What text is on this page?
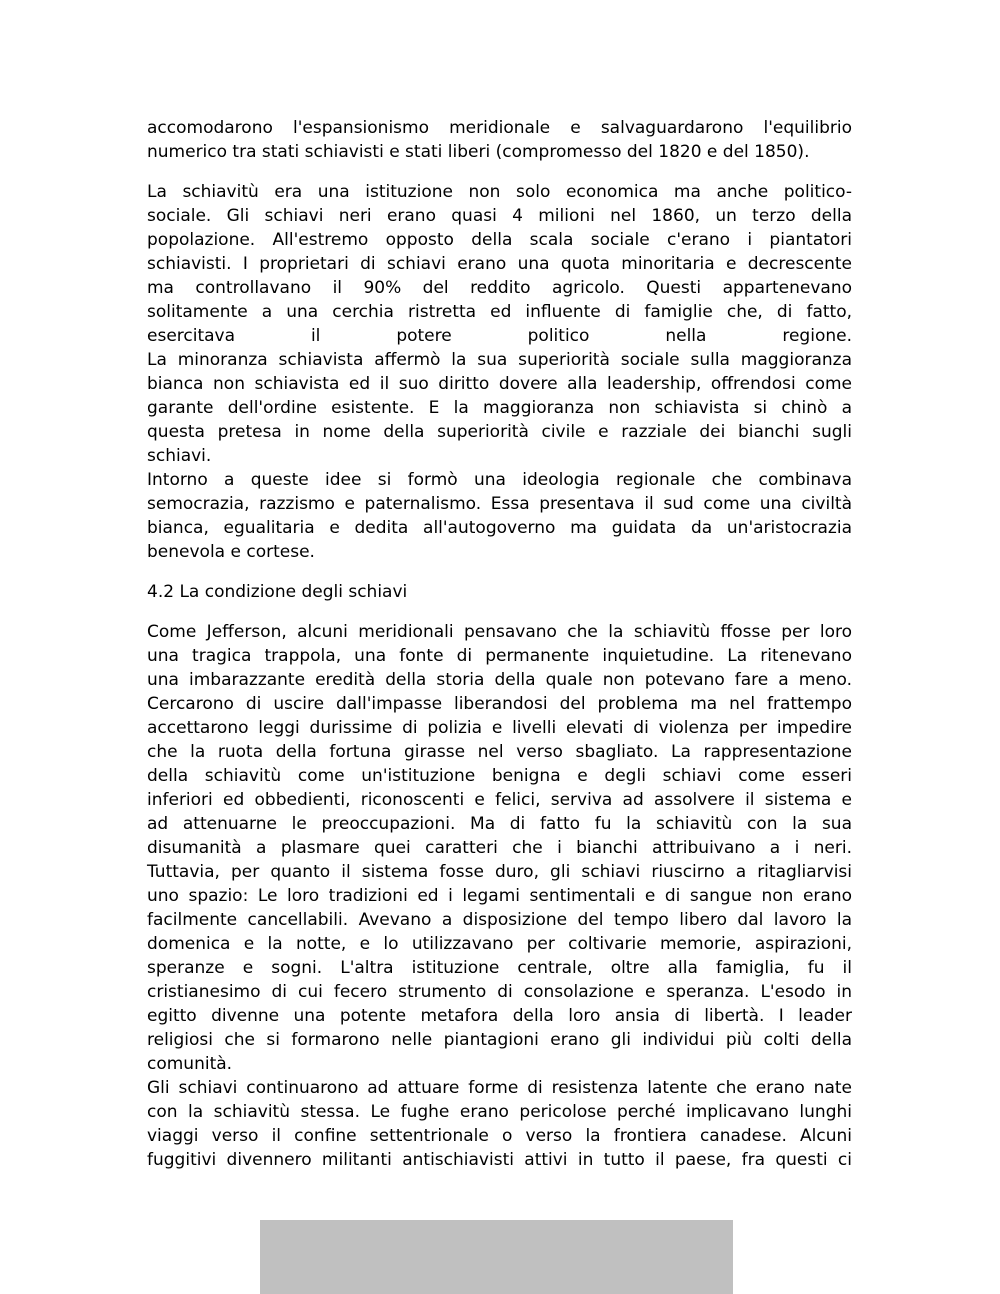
accomodarono l'espansionismo meridionale e salvaguardarono l'equilibrio
numerico tra stati schiavisti e stati liberi (compromesso del 1820 e del 1850).
La schiavitù era una istituzione non solo economica ma anche politico-
sociale. Gli schiavi neri erano quasi 4 milioni nel 1860, un terzo della
popolazione. All'estremo opposto della scala sociale c'erano i piantatori
schiavisti. I proprietari di schiavi erano una quota minoritaria e decrescente
ma controllavano il 90% del reddito agricolo. Questi appartenevano
solitamente a una cerchia ristretta ed influente di famiglie che, di fatto,
esercitava il potere politico nella regione.
La minoranza schiavista affermò la sua superiorità sociale sulla maggioranza
bianca non schiavista ed il suo diritto dovere alla leadership, offrendosi come
garante dell'ordine esistente. E la maggioranza non schiavista si chinò a
questa pretesa in nome della superiorità civile e razziale dei bianchi sugli
schiavi.
Intorno a queste idee si formò una ideologia regionale che combinava
semocrazia, razzismo e paternalismo. Essa presentava il sud come una civiltà
bianca, egualitaria e dedita all'autogoverno ma guidata da un'aristocrazia
benevola e cortese.
4.2 La condizione degli schiavi
Come Jefferson, alcuni meridionali pensavano che la schiavitù ffosse per loro
una tragica trappola, una fonte di permanente inquietudine. La ritenevano
una imbarazzante eredità della storia della quale non potevano fare a meno.
Cercarono di uscire dall'impasse liberandosi del problema ma nel frattempo
accettarono leggi durissime di polizia e livelli elevati di violenza per impedire
che la ruota della fortuna girasse nel verso sbagliato. La rappresentazione
della schiavitù come un'istituzione benigna e degli schiavi come esseri
inferiori ed obbedienti, riconoscenti e felici, serviva ad assolvere il sistema e
ad attenuarne le preoccupazioni. Ma di fatto fu la schiavitù con la sua
disumanità a plasmare quei caratteri che i bianchi attribuivano a i neri.
Tuttavia, per quanto il sistema fosse duro, gli schiavi riuscirno a ritagliarvisi
uno spazio: Le loro tradizioni ed i legami sentimentali e di sangue non erano
facilmente cancellabili. Avevano a disposizione del tempo libero dal lavoro la
domenica e la notte, e lo utilizzavano per coltivarie memorie, aspirazioni,
speranze e sogni. L'altra istituzione centrale, oltre alla famiglia, fu il
cristianesimo di cui fecero strumento di consolazione e speranza. L'esodo in
egitto divenne una potente metafora della loro ansia di libertà. I leader
religiosi che si formarono nelle piantagioni erano gli individui più colti della
comunità.
Gli schiavi continuarono ad attuare forme di resistenza latente che erano nate
con la schiavitù stessa. Le fughe erano pericolose perché implicavano lunghi
viaggi verso il confine settentrionale o verso la frontiera canadese. Alcuni
fuggitivi divennero militanti antischiavisti attivi in tutto il paese, fra questi ci
